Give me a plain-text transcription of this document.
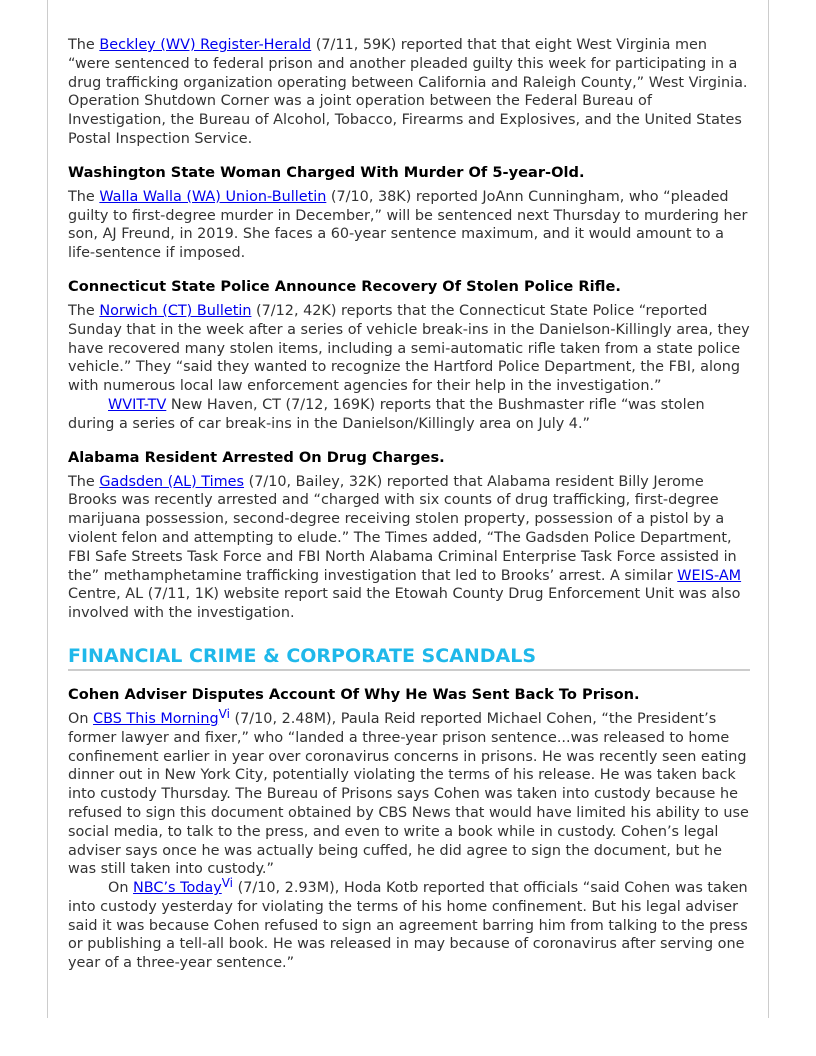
The Beckley (WV) Register-Herald (7/11, 59K) reported that that eight West Virginia men “were sentenced to federal prison and another pleaded guilty this week for participating in a drug trafficking organization operating between California and Raleigh County,” West Virginia. Operation Shutdown Corner was a joint operation between the Federal Bureau of Investigation, the Bureau of Alcohol, Tobacco, Firearms and Explosives, and the United States Postal Inspection Service.

Washington State Woman Charged With Murder Of 5-year-Old.

The Walla Walla (WA) Union-Bulletin (7/10, 38K) reported JoAnn Cunningham, who “pleaded guilty to first-degree murder in December,” will be sentenced next Thursday to murdering her son, AJ Freund, in 2019. She faces a 60-year sentence maximum, and it would amount to a life-sentence if imposed.

Connecticut State Police Announce Recovery Of Stolen Police Rifle.

The Norwich (CT) Bulletin (7/12, 42K) reports that the Connecticut State Police “reported Sunday that in the week after a series of vehicle break-ins in the Danielson-Killingly area, they have recovered many stolen items, including a semi-automatic rifle taken from a state police vehicle.” They “said they wanted to recognize the Hartford Police Department, the FBI, along with numerous local law enforcement agencies for their help in the investigation.”

WVIT-TV New Haven, CT (7/12, 169K) reports that the Bushmaster rifle “was stolen during a series of car break-ins in the Danielson/Killingly area on July 4.”

Alabama Resident Arrested On Drug Charges.

The Gadsden (AL) Times (7/10, Bailey, 32K) reported that Alabama resident Billy Jerome Brooks was recently arrested and “charged with six counts of drug trafficking, first-degree marijuana possession, second-degree receiving stolen property, possession of a pistol by a violent felon and attempting to elude.” The Times added, “The Gadsden Police Department, FBI Safe Streets Task Force and FBI North Alabama Criminal Enterprise Task Force assisted in the” methamphetamine trafficking investigation that led to Brooks’ arrest. A similar WEIS-AM Centre, AL (7/11, 1K) website report said the Etowah County Drug Enforcement Unit was also involved with the investigation.

FINANCIAL CRIME & CORPORATE SCANDALS
Cohen Adviser Disputes Account Of Why He Was Sent Back To Prison.

On CBS This Morning$^{Vi}$ (7/10, 2.48M), Paula Reid reported Michael Cohen, “the President’s former lawyer and fixer,” who “landed a three-year prison sentence...was released to home confinement earlier in year over coronavirus concerns in prisons. He was recently seen eating dinner out in New York City, potentially violating the terms of his release. He was taken back into custody Thursday. The Bureau of Prisons says Cohen was taken into custody because he refused to sign this document obtained by CBS News that would have limited his ability to use social media, to talk to the press, and even to write a book while in custody. Cohen’s legal adviser says once he was actually being cuffed, he did agree to sign the document, but he was still taken into custody.”

On NBC’s Today$^{Vi}$ (7/10, 2.93M), Hoda Kotb reported that officials “said Cohen was taken into custody yesterday for violating the terms of his home confinement. But his legal adviser said it was because Cohen refused to sign an agreement barring him from talking to the press or publishing a tell-all book. He was released in may because of coronavirus after serving one year of a three-year sentence.”
